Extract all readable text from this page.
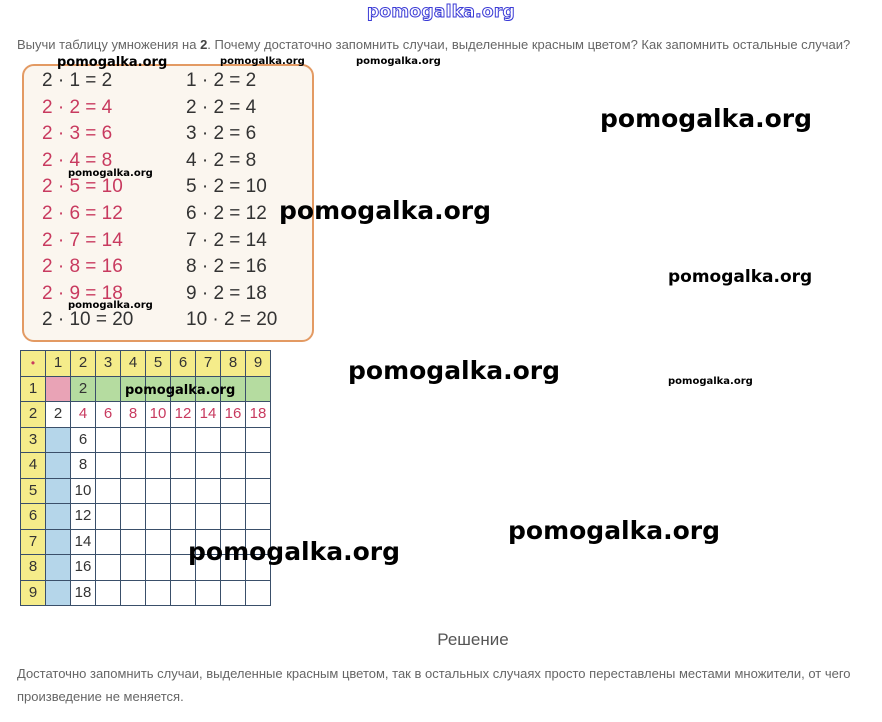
pomogalka.org
Выучи таблицу умножения на 2. Почему достаточно запомнить случаи, выделенные красным цветом? Как запомнить остальные случаи?
2 · 1 = 2
2 · 2 = 4
2 · 3 = 6
2 · 4 = 8
2 · 5 = 10
2 · 6 = 12
2 · 7 = 14
2 · 8 = 16
2 · 9 = 18
2 · 10 = 20
1 · 2 = 2
2 · 2 = 4
3 · 2 = 6
4 · 2 = 8
5 · 2 = 10
6 · 2 = 12
7 · 2 = 14
8 · 2 = 16
9 · 2 = 18
10 · 2 = 20
•	1	2	3	4	5	6	7	8	9
1		2							
2	2	4	6	8	10	12	14	16	18
3		6							
4		8							
5		10							
6		12							
7		14							
8		16							
9		18							
Решение
Достаточно запомнить случаи, выделенные красным цветом, так в остальных случаях просто переставлены местами множители, от чего произведение не меняется.
pomogalka.org	pomogalka.org	pomogalka.org
pomogalka.org
pomogalka.org
pomogalka.org
pomogalka.org
pomogalka.org
pomogalka.org	pomogalka.org
pomogalka.org
pomogalka.org
pomogalka.org
